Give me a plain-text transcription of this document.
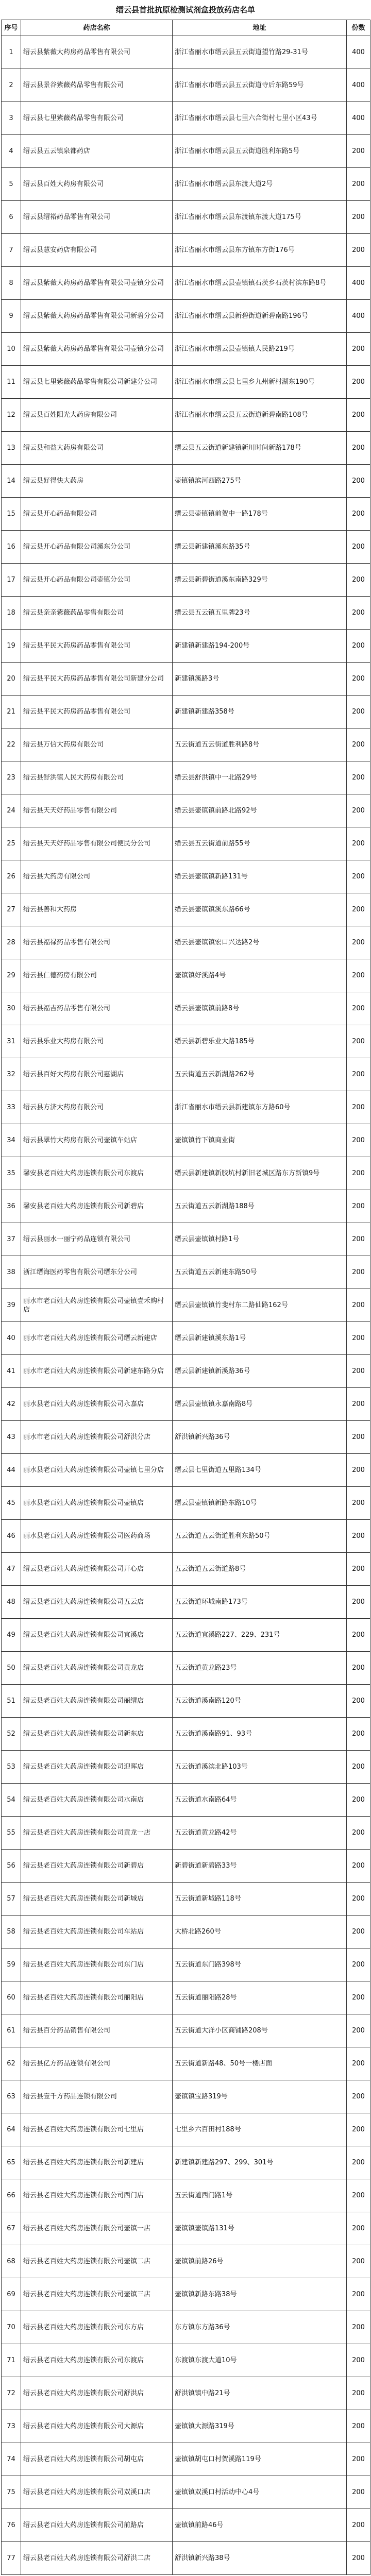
缙云县首批抗原检测试剂盒投放药店名单
序号	药店名称	地址	份数
1	缙云县紫薇大药房药品零售有限公司	浙江省丽水市缙云县五云街道望竹路29-31号	400
2	缙云县景谷紫薇药品零售有限公司	浙江省丽水市缙云县五云街道寺后东路59号	400
3	缙云县七里紫薇药品零售有限公司	浙江省丽水市缙云县七里六合街村七里小区43号	400
4	缙云县五云镇泉都药店	浙江省丽水市缙云县五云街道胜利东路5号	200
5	缙云县百姓大药房有限公司	浙江省丽水市缙云县东渡大道2号	200
6	缙云县缙裕药品零售有限公司	浙江省丽水市缙云县东渡镇东渡大道175号	200
7	缙云县慧安药店有限公司	浙江省丽水市缙云县东方镇东方街176号	200
8	缙云县紫薇大药房药品零售有限公司壶镇分公司	浙江省丽水市缙云县壶镇镇石茨乡石茨村滨东路8号	400
9	缙云县紫薇大药房药品零售有限公司新碧分公司	浙江省丽水市缙云县新碧街道新碧南路196号	400
10	缙云县紫薇大药房药品零售有限公司壶镇分公司	浙江省丽水市缙云县壶镇镇人民路219号	200
11	缙云县七里紫薇药品零售有限公司新建分公司	浙江省丽水市缙云县七里乡九州新村湖东190号	200
12	缙云县百姓阳光大药房有限公司	浙江省丽水市缙云县五云街道新碧南路108号	200
13	缙云县和益大药房有限公司	缙云县五云街道新建镇新川时间新路178号	200
14	缙云县好得快大药房	壶镇镇滨河西路275号	200
15	缙云县开心药品有限公司	缙云县壶镇镇前贺中一路178号	200
16	缙云县开心药品有限公司溪东分公司	缙云县新建镇溪东路35号	200
17	缙云县开心药品有限公司壶镇分公司	缙云县新碧街道溪东南路329号	200
18	缙云县亲亲紫薇药品零售有限公司	缙云县五云镇五里牌23号	200
19	缙云县平民大药房药品零售有限公司	新建镇新建路194-200号	200
20	缙云县平民大药房药品零售有限公司新建分公司	新建镇溪路3号	200
21	缙云县平民大药房药品零售有限公司	新建镇新建路358号	200
22	缙云县万信大药房有限公司	五云街道五云街道胜利路8号	200
23	缙云县舒洪镇人民大药房有限公司	缙云县舒洪镇中一北路29号	200
24	缙云县天天好药品零售有限公司	缙云县壶镇镇前路北路92号	200
25	缙云县天天好药品零售有限公司便民分公司	缙云县五云街道前路55号	200
26	缙云县大药房有限公司	缙云县壶镇镇新路131号	200
27	缙云县善和大药房	缙云县壶镇镇溪东路66号	200
28	缙云县福禄药品零售有限公司	缙云县壶镇镇宏口兴达路2号	200
29	缙云县仁德药房有限公司	壶镇镇好溪路4号	200
30	缙云县福吉药品零售有限公司	缙云县壶镇镇前路8号	200
31	缙云县乐业大药房有限公司	缙云县新碧乐业大路185号	200
32	缙云县百好大药房有限公司惠湖店	五云街道五云新湖路262号	200
33	缙云县方济大药房有限公司	浙江省丽水市缙云县新建镇东方路60号	200
34	缙云县翠竹大药房有限公司壶镇车站店	壶镇镇竹下镇商业街	200
35	馨安县老百姓大药房连锁有限公司东渡店	缙云县新建镇新胶坑村新旧老城区路东方新镇9号	200
36	馨安县老百姓大药房连锁有限公司新碧店	五云街道五云新湖路188号	200
37	缙云县丽水一丽宁药品连锁有限公司	缙云县壶镇镇村路1号	200
38	浙江缙海医药零售有限公司缙东分公司	五云街道五云新建东路50号	200
39	丽水市老百姓大药房连锁有限公司壶镇壹禾购村店	缙云县壶镇镇竹斐村东二路仙路162号	200
40	丽水市老百姓大药房连锁有限公司缙云新建店	缙云县新建镇溪东路1号	200
41	丽水市老百姓大药房连锁有限公司新建东路分店	缙云县新建镇新溪路36号	200
42	丽水县老百姓大药房连锁有限公司永嘉店	缙云县壶镇镇永嘉南路8号	200
43	丽水市老百姓大药房连锁有限公司舒洪分店	舒洪镇新兴路36号	200
44	丽水县老百姓大药房连锁有限公司壶镇七里分店	缙云县七里街道五里路134号	200
45	丽水县老百姓大药房连锁有限公司壶镇店	缙云县壶镇镇新路东路10号	200
46	丽水县老百姓大药房连锁有限公司医药商场	五云街道五云街道胜利东路50号	200
47	缙云县老百姓大药房连锁有限公司开心店	五云街道五云街道路8号	200
48	缙云县老百姓大药房连锁有限公司五云店	五云街道环城南路173号	200
49	缙云县老百姓大药房连锁有限公司宜溪店	五云街道宜溪路227、229、231号	200
50	缙云县老百姓大药房连锁有限公司黄龙店	五云街道黄龙路23号	200
51	缙云县老百姓大药房连锁有限公司丽缙店	五云街道溪南路120号	200
52	缙云县老百姓大药房连锁有限公司新东店	五云街道溪南路91、93号	200
53	缙云县老百姓大药房连锁有限公司迎晖店	五云街道溪滨北路103号	200
54	缙云县老百姓大药房连锁有限公司水南店	五云街道水南路64号	200
55	缙云县老百姓大药房连锁有限公司黄龙一店	五云街道黄龙路42号	200
56	缙云县老百姓大药房连锁有限公司新碧店	新碧街道新碧路33号	200
57	缙云县老百姓大药房连锁有限公司新城店	五云街道新城路118号	200
58	缙云县老百姓大药房连锁有限公司车站店	大桥北路260号	200
59	缙云县老百姓大药房连锁有限公司东门店	五云街道东门路398号	200
60	缙云县老百姓大药房连锁有限公司丽阳店	五云街道丽阳路28号	200
61	缙云县百分药品销售有限公司	五云街道大洋小区商铺路208号	200
62	缙云县亿方药品连锁有限公司	五云街道新路48、50号一楼店面	200
63	缙云县壹千方药品连锁有限公司	壶镇镇宝路319号	200
64	缙云县老百姓大药房连锁有限公司七里店	七里乡六百田村188号	200
65	缙云县老百姓大药房连锁有限公司新建店	新建镇新建路297、299、301号	200
66	缙云县老百姓大药房连锁有限公司西门店	五云街道西门路1号	200
67	缙云县老百姓大药房连锁有限公司壶镇一店	壶镇镇壶镇路131号	200
68	缙云县老百姓大药房连锁有限公司壶镇二店	壶镇镇前路26号	200
69	缙云县老百姓大药房连锁有限公司壶镇三店	壶镇镇新路东路38号	200
70	缙云县老百姓大药房连锁有限公司东方店	东方镇东方路36号	200
71	缙云县老百姓大药房连锁有限公司东渡店	东渡镇东渡大道10号	200
72	缙云县老百姓大药房连锁有限公司舒洪店	舒洪镇镇中路21号	200
73	缙云县老百姓大药房连锁有限公司大源店	壶镇镇大源路319号	200
74	缙云县老百姓大药房连锁有限公司胡屯店	壶镇镇胡屯口村贺溪路119号	200
75	缙云县老百姓大药房连锁有限公司双溪口店	壶镇镇双溪口村活动中心4号	200
76	缙云县老百姓大药房连锁有限公司前路店	壶镇镇前路46号	200
77	缙云县老百姓大药房连锁有限公司舒洪二店	舒洪镇新兴路38号	200
